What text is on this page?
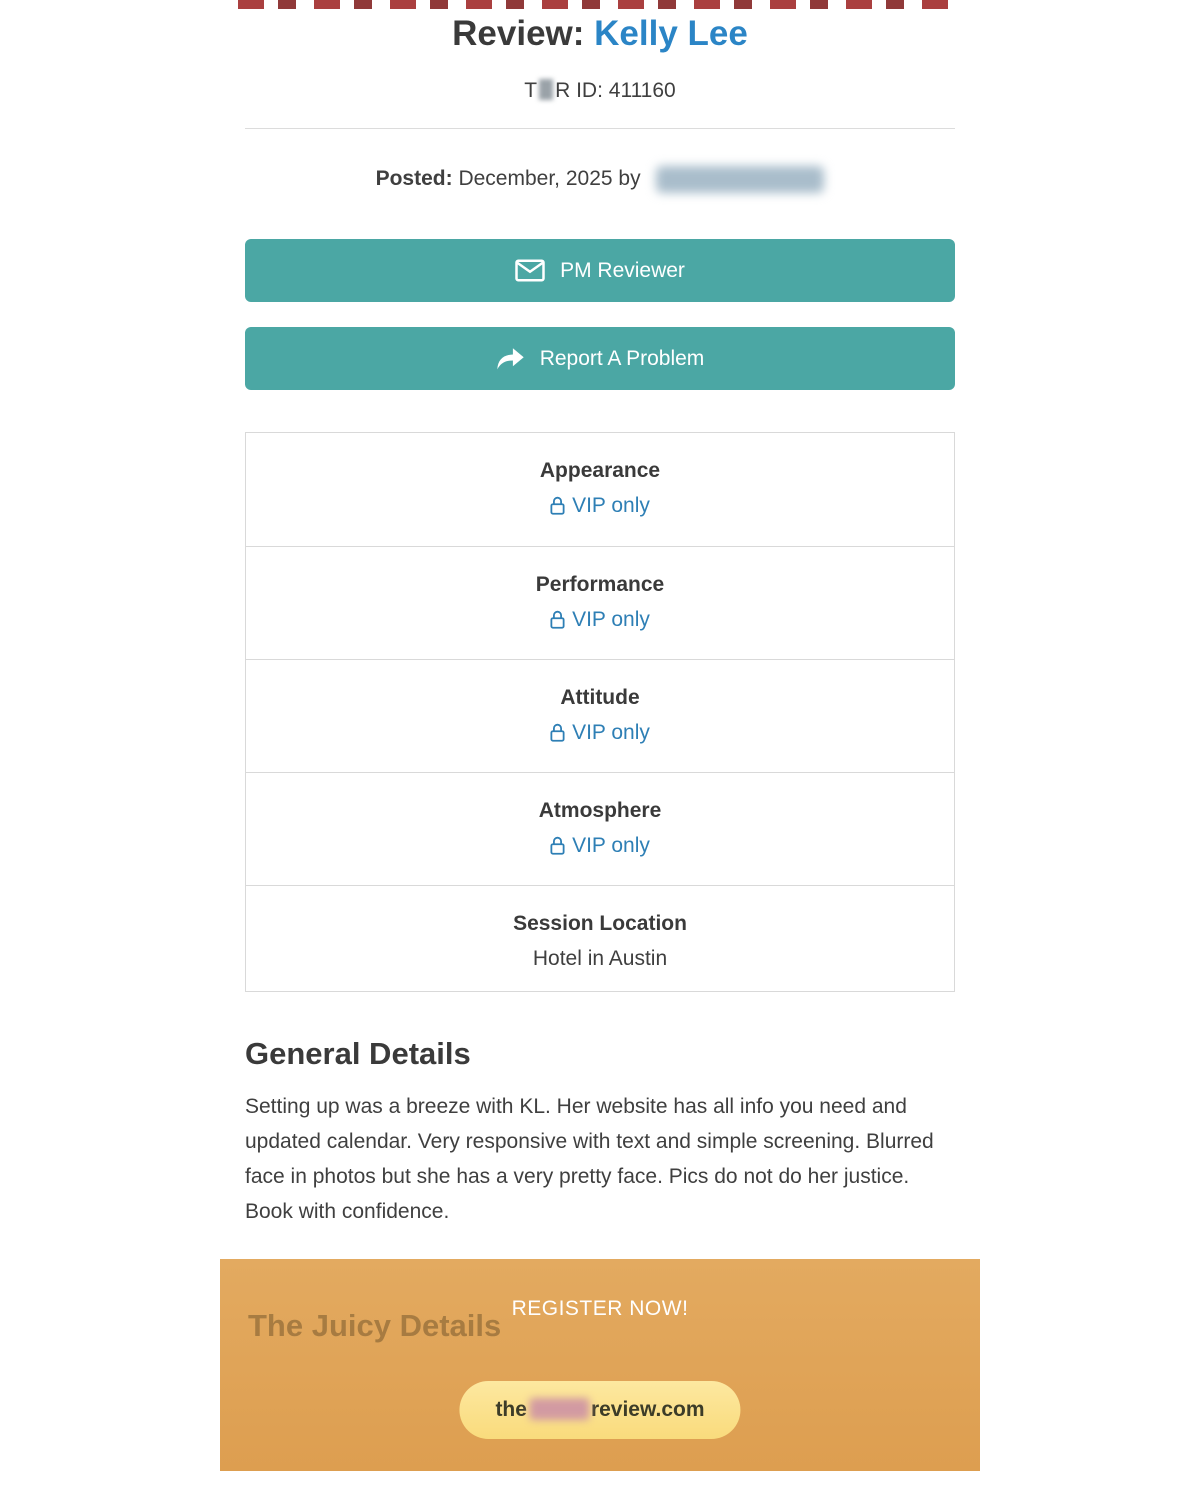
Review: Kelly Lee
T R ID: 411160
Posted: December, 2025 by
PM Reviewer
Report A Problem
Appearance
VIP only
Performance
VIP only
Attitude
VIP only
Atmosphere
VIP only
Session Location
Hotel in Austin
General Details

Setting up was a breeze with KL. Her website has all info you need and updated calendar. Very responsive with text and simple screening. Blurred face in photos but she has a very pretty face. Pics do not do her justice. Book with confidence.

The Juicy Details REGISTER NOW!
the	review.com
